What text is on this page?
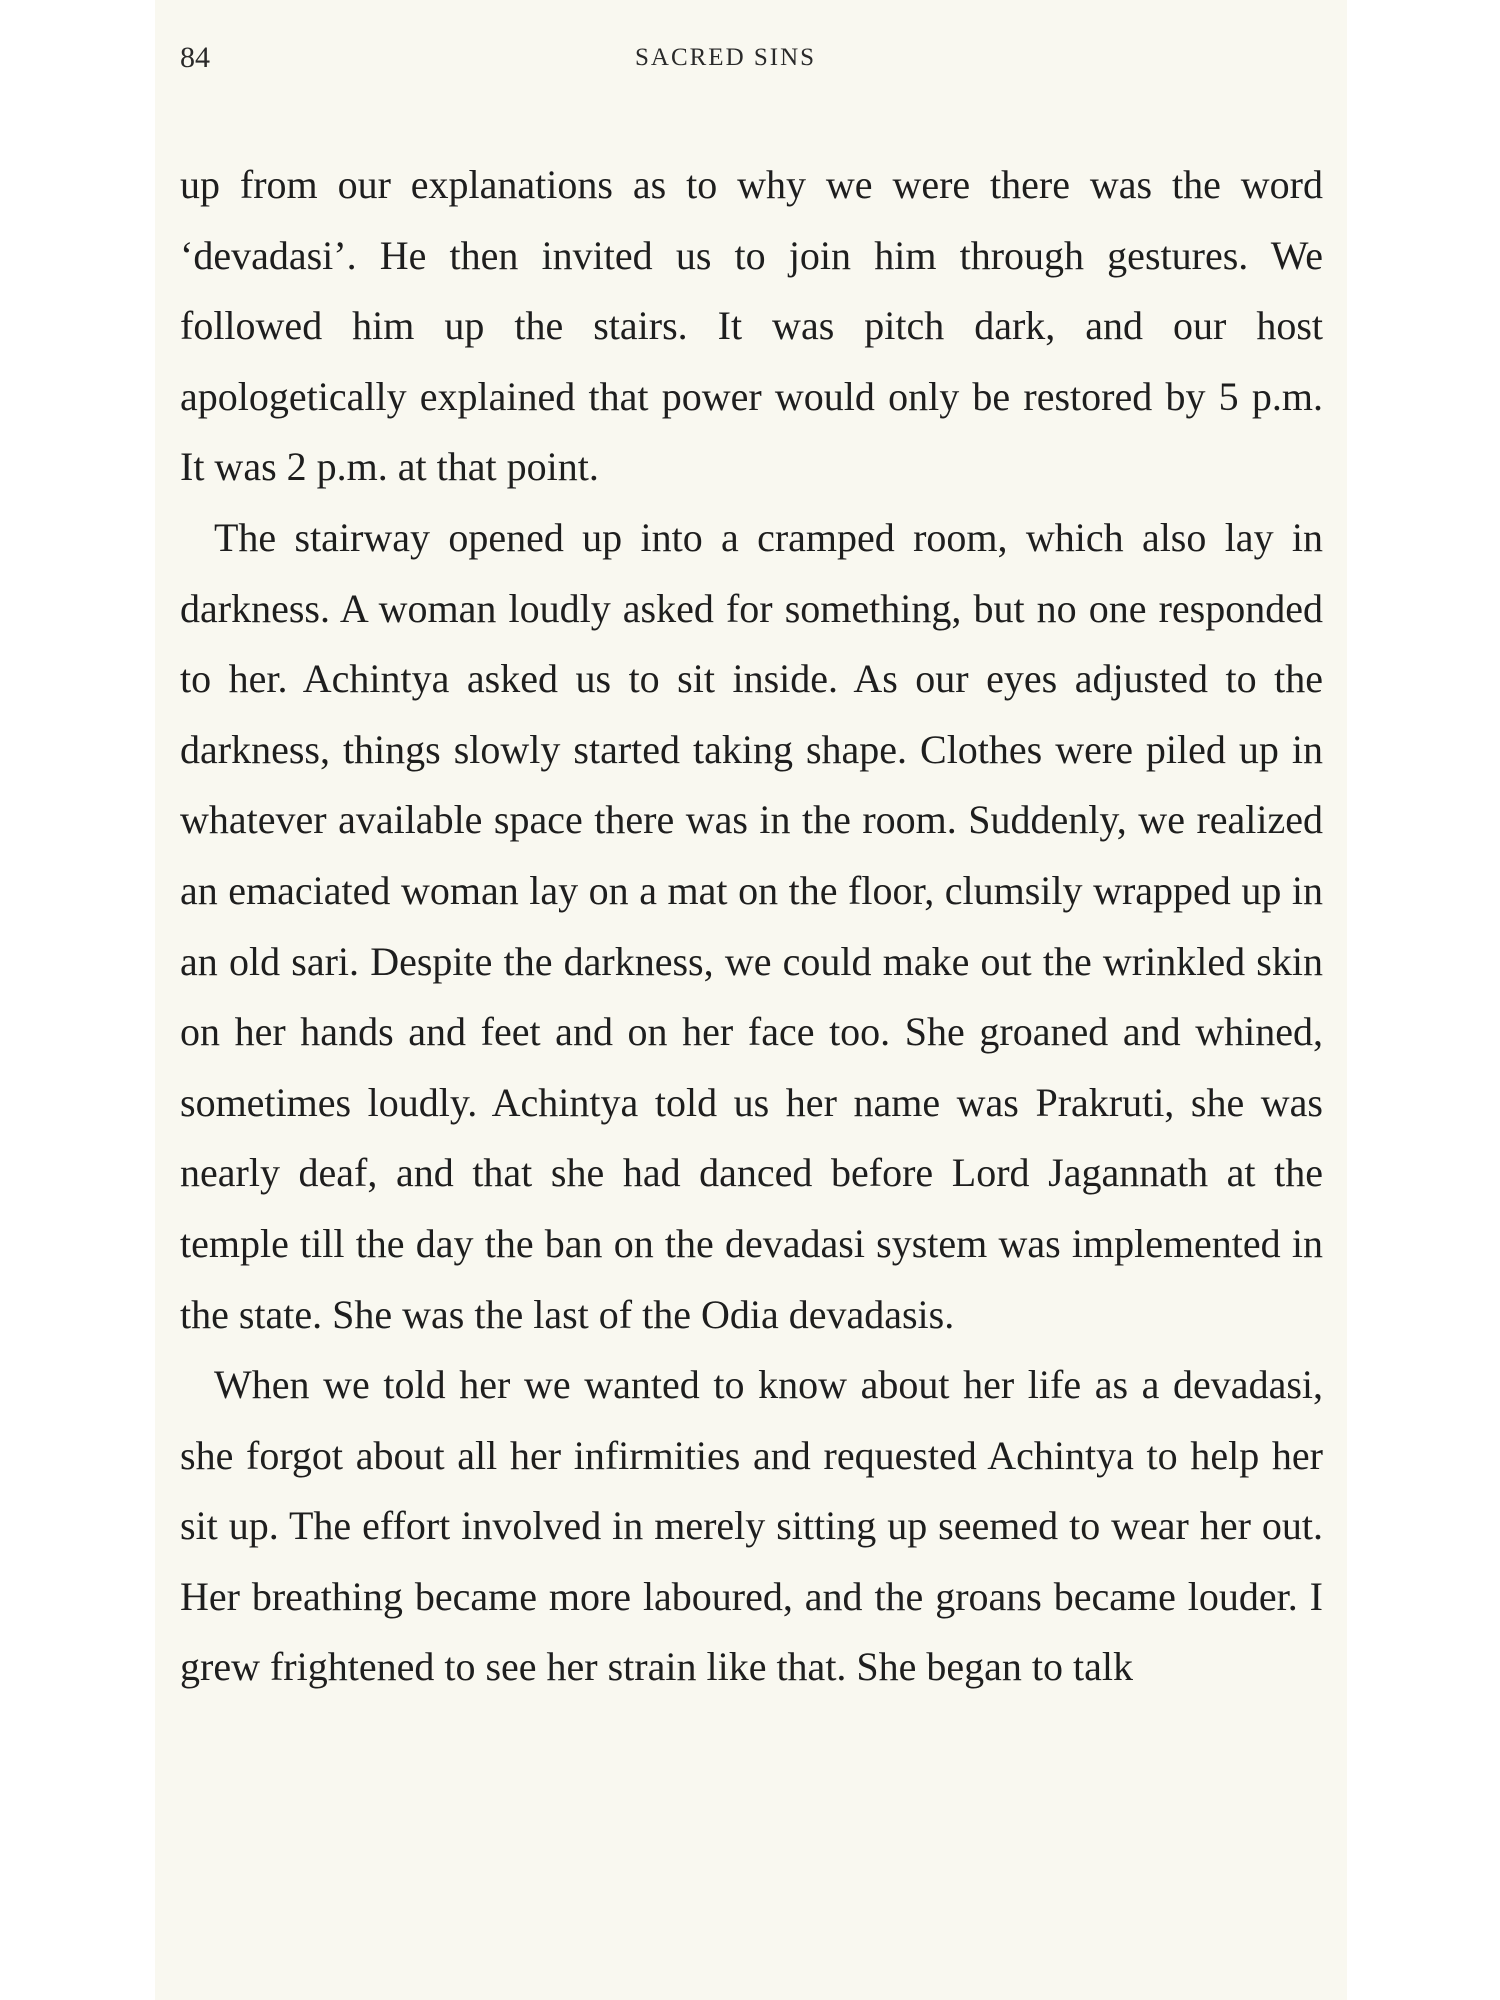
84	SACRED SINS

up from our explanations as to why we were there was the word ‘devadasi’. He then invited us to join him through gestures. We followed him up the stairs. It was pitch dark, and our host apologetically explained that power would only be restored by 5 p.m. It was 2 p.m. at that point.

The stairway opened up into a cramped room, which also lay in darkness. A woman loudly asked for something, but no one responded to her. Achintya asked us to sit inside. As our eyes adjusted to the darkness, things slowly started taking shape. Clothes were piled up in whatever available space there was in the room. Suddenly, we realized an emaciated woman lay on a mat on the floor, clumsily wrapped up in an old sari. Despite the darkness, we could make out the wrinkled skin on her hands and feet and on her face too. She groaned and whined, sometimes loudly. Achintya told us her name was Prakruti, she was nearly deaf, and that she had danced before Lord Jagannath at the temple till the day the ban on the devadasi system was implemented in the state. She was the last of the Odia devadasis.

When we told her we wanted to know about her life as a devadasi, she forgot about all her infirmities and requested Achintya to help her sit up. The effort involved in merely sitting up seemed to wear her out. Her breathing became more laboured, and the groans became louder. I grew frightened to see her strain like that. She began to talk
